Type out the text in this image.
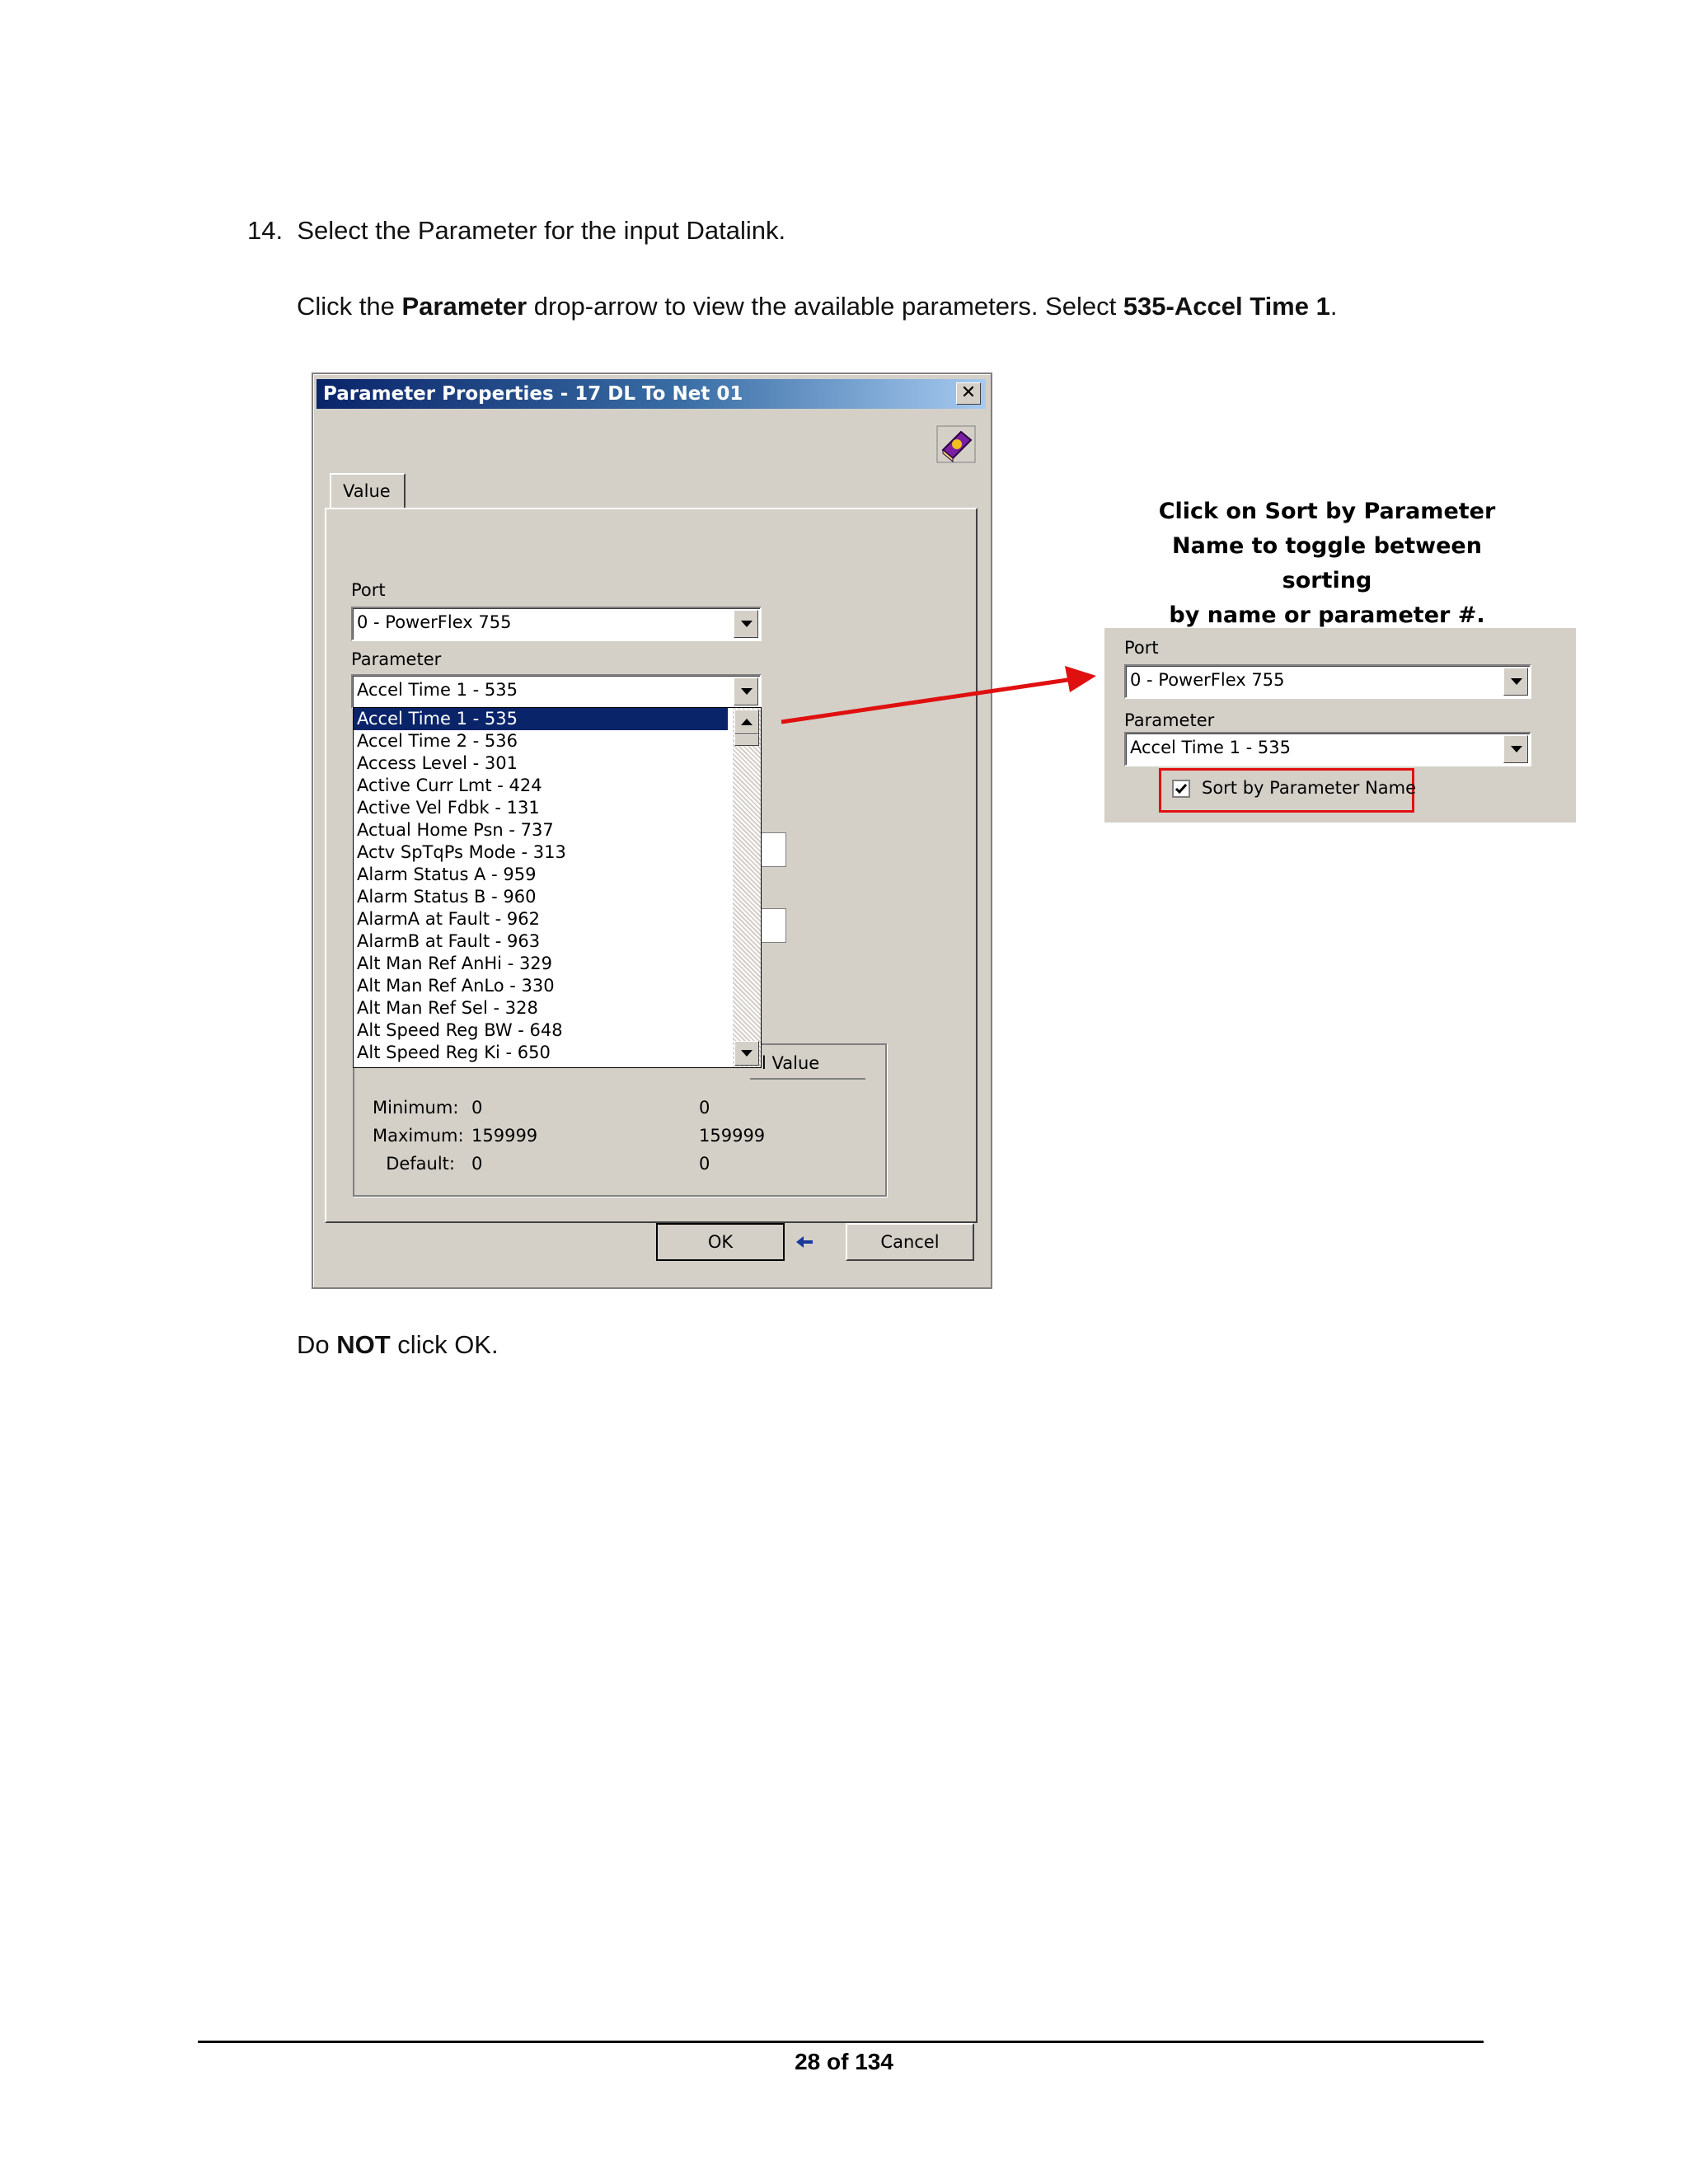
14. Select the Parameter for the input Datalink.
Click the Parameter drop-arrow to view the available parameters. Select 535-Accel Time 1.
Parameter Properties - 17 DL To Net 01	✕
Value
Port
0 - PowerFlex 755
Parameter
Accel Time 1 - 535
l Value
Minimum:
Maximum:
Default:
0
159999
0
0
159999
0
Accel Time 1 - 535
Accel Time 2 - 536
Access Level - 301
Active Curr Lmt - 424
Active Vel Fdbk - 131
Actual Home Psn - 737
Actv SpTqPs Mode - 313
Alarm Status A - 959
Alarm Status B - 960
AlarmA at Fault - 962
AlarmB at Fault - 963
Alt Man Ref AnHi - 329
Alt Man Ref AnLo - 330
Alt Man Ref Sel - 328
Alt Speed Reg BW - 648
Alt Speed Reg Ki - 650
OK	Cancel
Click on Sort by Parameter
Name to toggle between sorting
by name or parameter #.
Port
0 - PowerFlex 755
Parameter
Accel Time 1 - 535
Sort by Parameter Name
Do NOT click OK.
28 of 134
